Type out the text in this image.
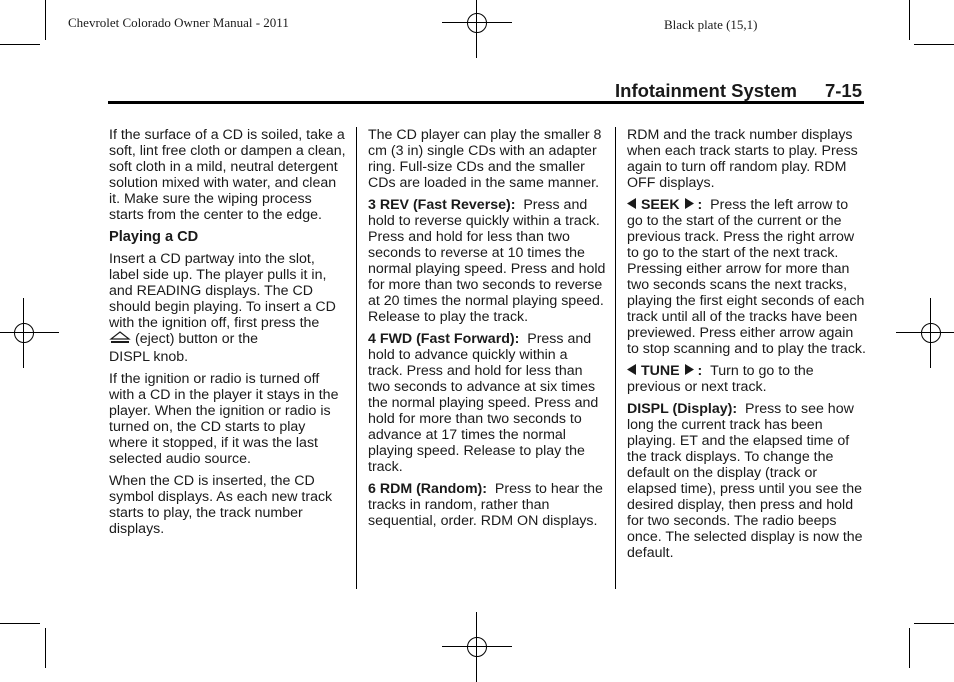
Chevrolet Colorado Owner Manual - 2011	Black plate (15,1)
Infotainment System 7-15

If the surface of a CD is soiled, take a soft, lint free cloth or dampen a clean, soft cloth in a mild, neutral detergent solution mixed with water, and clean it. Make sure the wiping process starts from the center to the edge.

Playing a CD

Insert a CD partway into the slot, label side up. The player pulls it in, and READING displays. The CD should begin playing. To insert a CD with the ignition off, first press the
(eject) button or the
DISPL knob.

If the ignition or radio is turned off with a CD in the player it stays in the player. When the ignition or radio is turned on, the CD starts to play where it stopped, if it was the last selected audio source.

When the CD is inserted, the CD symbol displays. As each new track starts to play, the track number displays.

The CD player can play the smaller 8 cm (3 in) single CDs with an adapter ring. Full-size CDs and the smaller CDs are loaded in the same manner.

3 REV (Fast Reverse): Press and hold to reverse quickly within a track. Press and hold for less than two seconds to reverse at 10 times the normal playing speed. Press and hold for more than two seconds to reverse at 20 times the normal playing speed. Release to play the track.

4 FWD (Fast Forward): Press and hold to advance quickly within a track. Press and hold for less than two seconds to advance at six times the normal playing speed. Press and hold for more than two seconds to advance at 17 times the normal playing speed. Release to play the track.

6 RDM (Random): Press to hear the tracks in random, rather than sequential, order. RDM ON displays.

RDM and the track number displays when each track starts to play. Press again to turn off random play. RDM OFF displays.

SEEK : Press the left arrow to go to the start of the current or the previous track. Press the right arrow to go to the start of the next track. Pressing either arrow for more than two seconds scans the next tracks, playing the first eight seconds of each track until all of the tracks have been previewed. Press either arrow again to stop scanning and to play the track.

TUNE : Turn to go to the previous or next track.

DISPL (Display): Press to see how long the current track has been playing. ET and the elapsed time of the track displays. To change the default on the display (track or elapsed time), press until you see the desired display, then press and hold for two seconds. The radio beeps once. The selected display is now the default.
